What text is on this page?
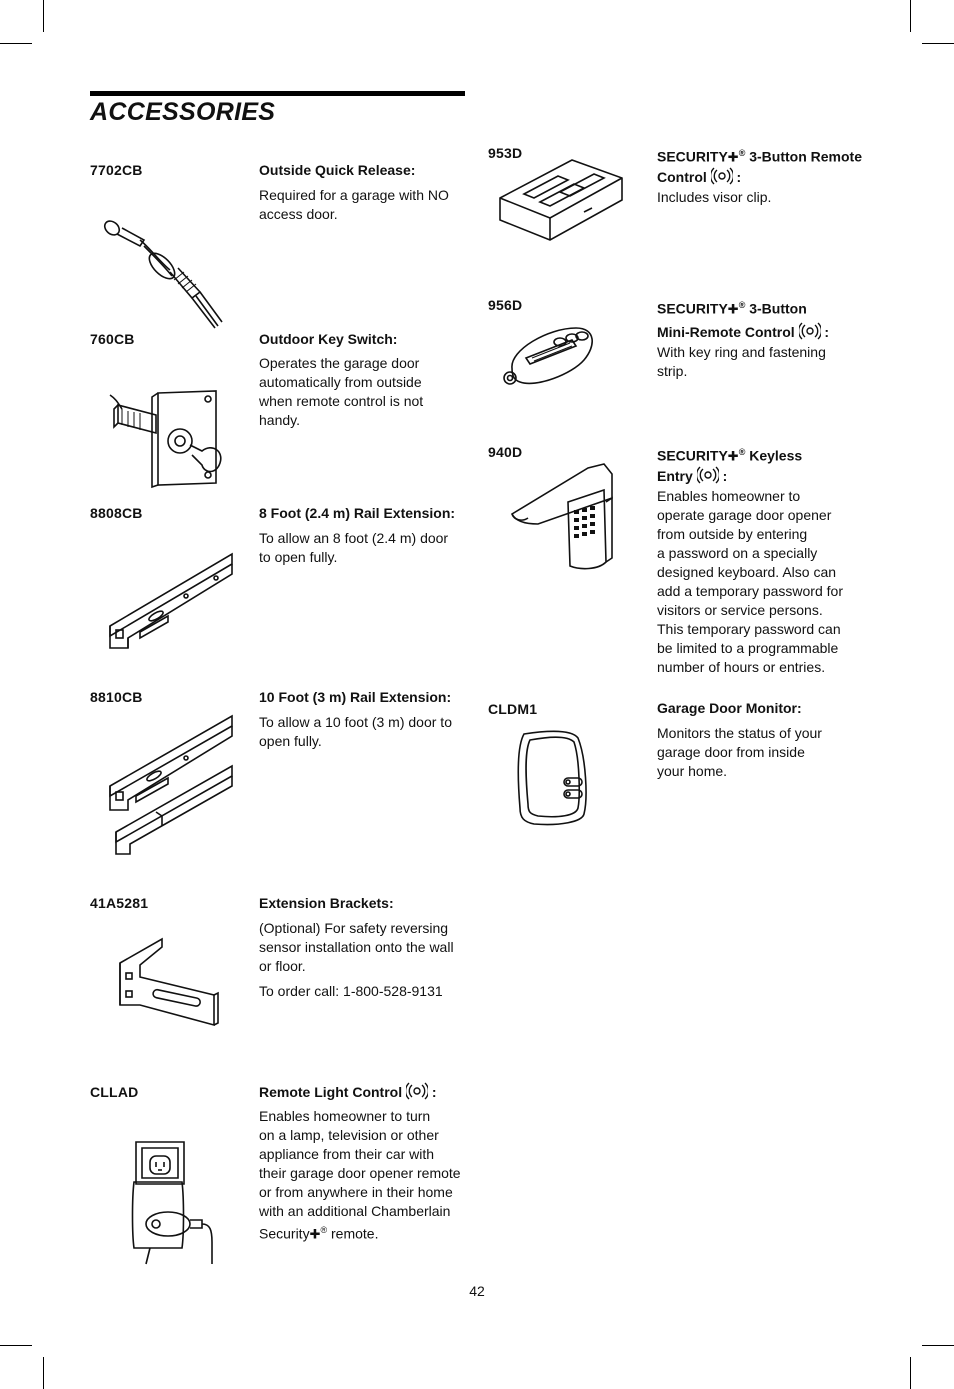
ACCESSORIES
7702CB	Outside Quick Release:
Required for a garage with NO
access door.
760CB	Outdoor Key Switch:
Operates the garage door
automatically from outside
when remote control is not
handy.
8808CB	8 Foot (2.4 m) Rail Extension:
To allow an 8 foot (2.4 m) door
to open fully.
8810CB	10 Foot (3 m) Rail Extension:
To allow a 10 foot (3 m) door to
open fully.
41A5281	Extension Brackets:
(Optional) For safety reversing
sensor installation onto the wall
or floor.
To order call: 1-800-528-9131
CLLAD	Remote Light Control  :
Enables homeowner to turn
on a lamp, television or other
appliance from their car with
their garage door opener remote
or from anywhere in their home
with an additional Chamberlain
Security✚® remote.
953D	SECURITY✚® 3-Button Remote
Control  :
Includes visor clip.
956D	SECURITY✚® 3-Button
Mini-Remote Control  :
With key ring and fastening
strip.
940D	SECURITY✚® Keyless
Entry  :
Enables homeowner to
operate garage door opener
from outside by entering
a password on a specially
designed keyboard. Also can
add a temporary password for
visitors or service persons.
This temporary password can
be limited to a programmable
number of hours or entries.
CLDM1	Garage Door Monitor:
Monitors the status of your
garage door from inside
your home.
42
